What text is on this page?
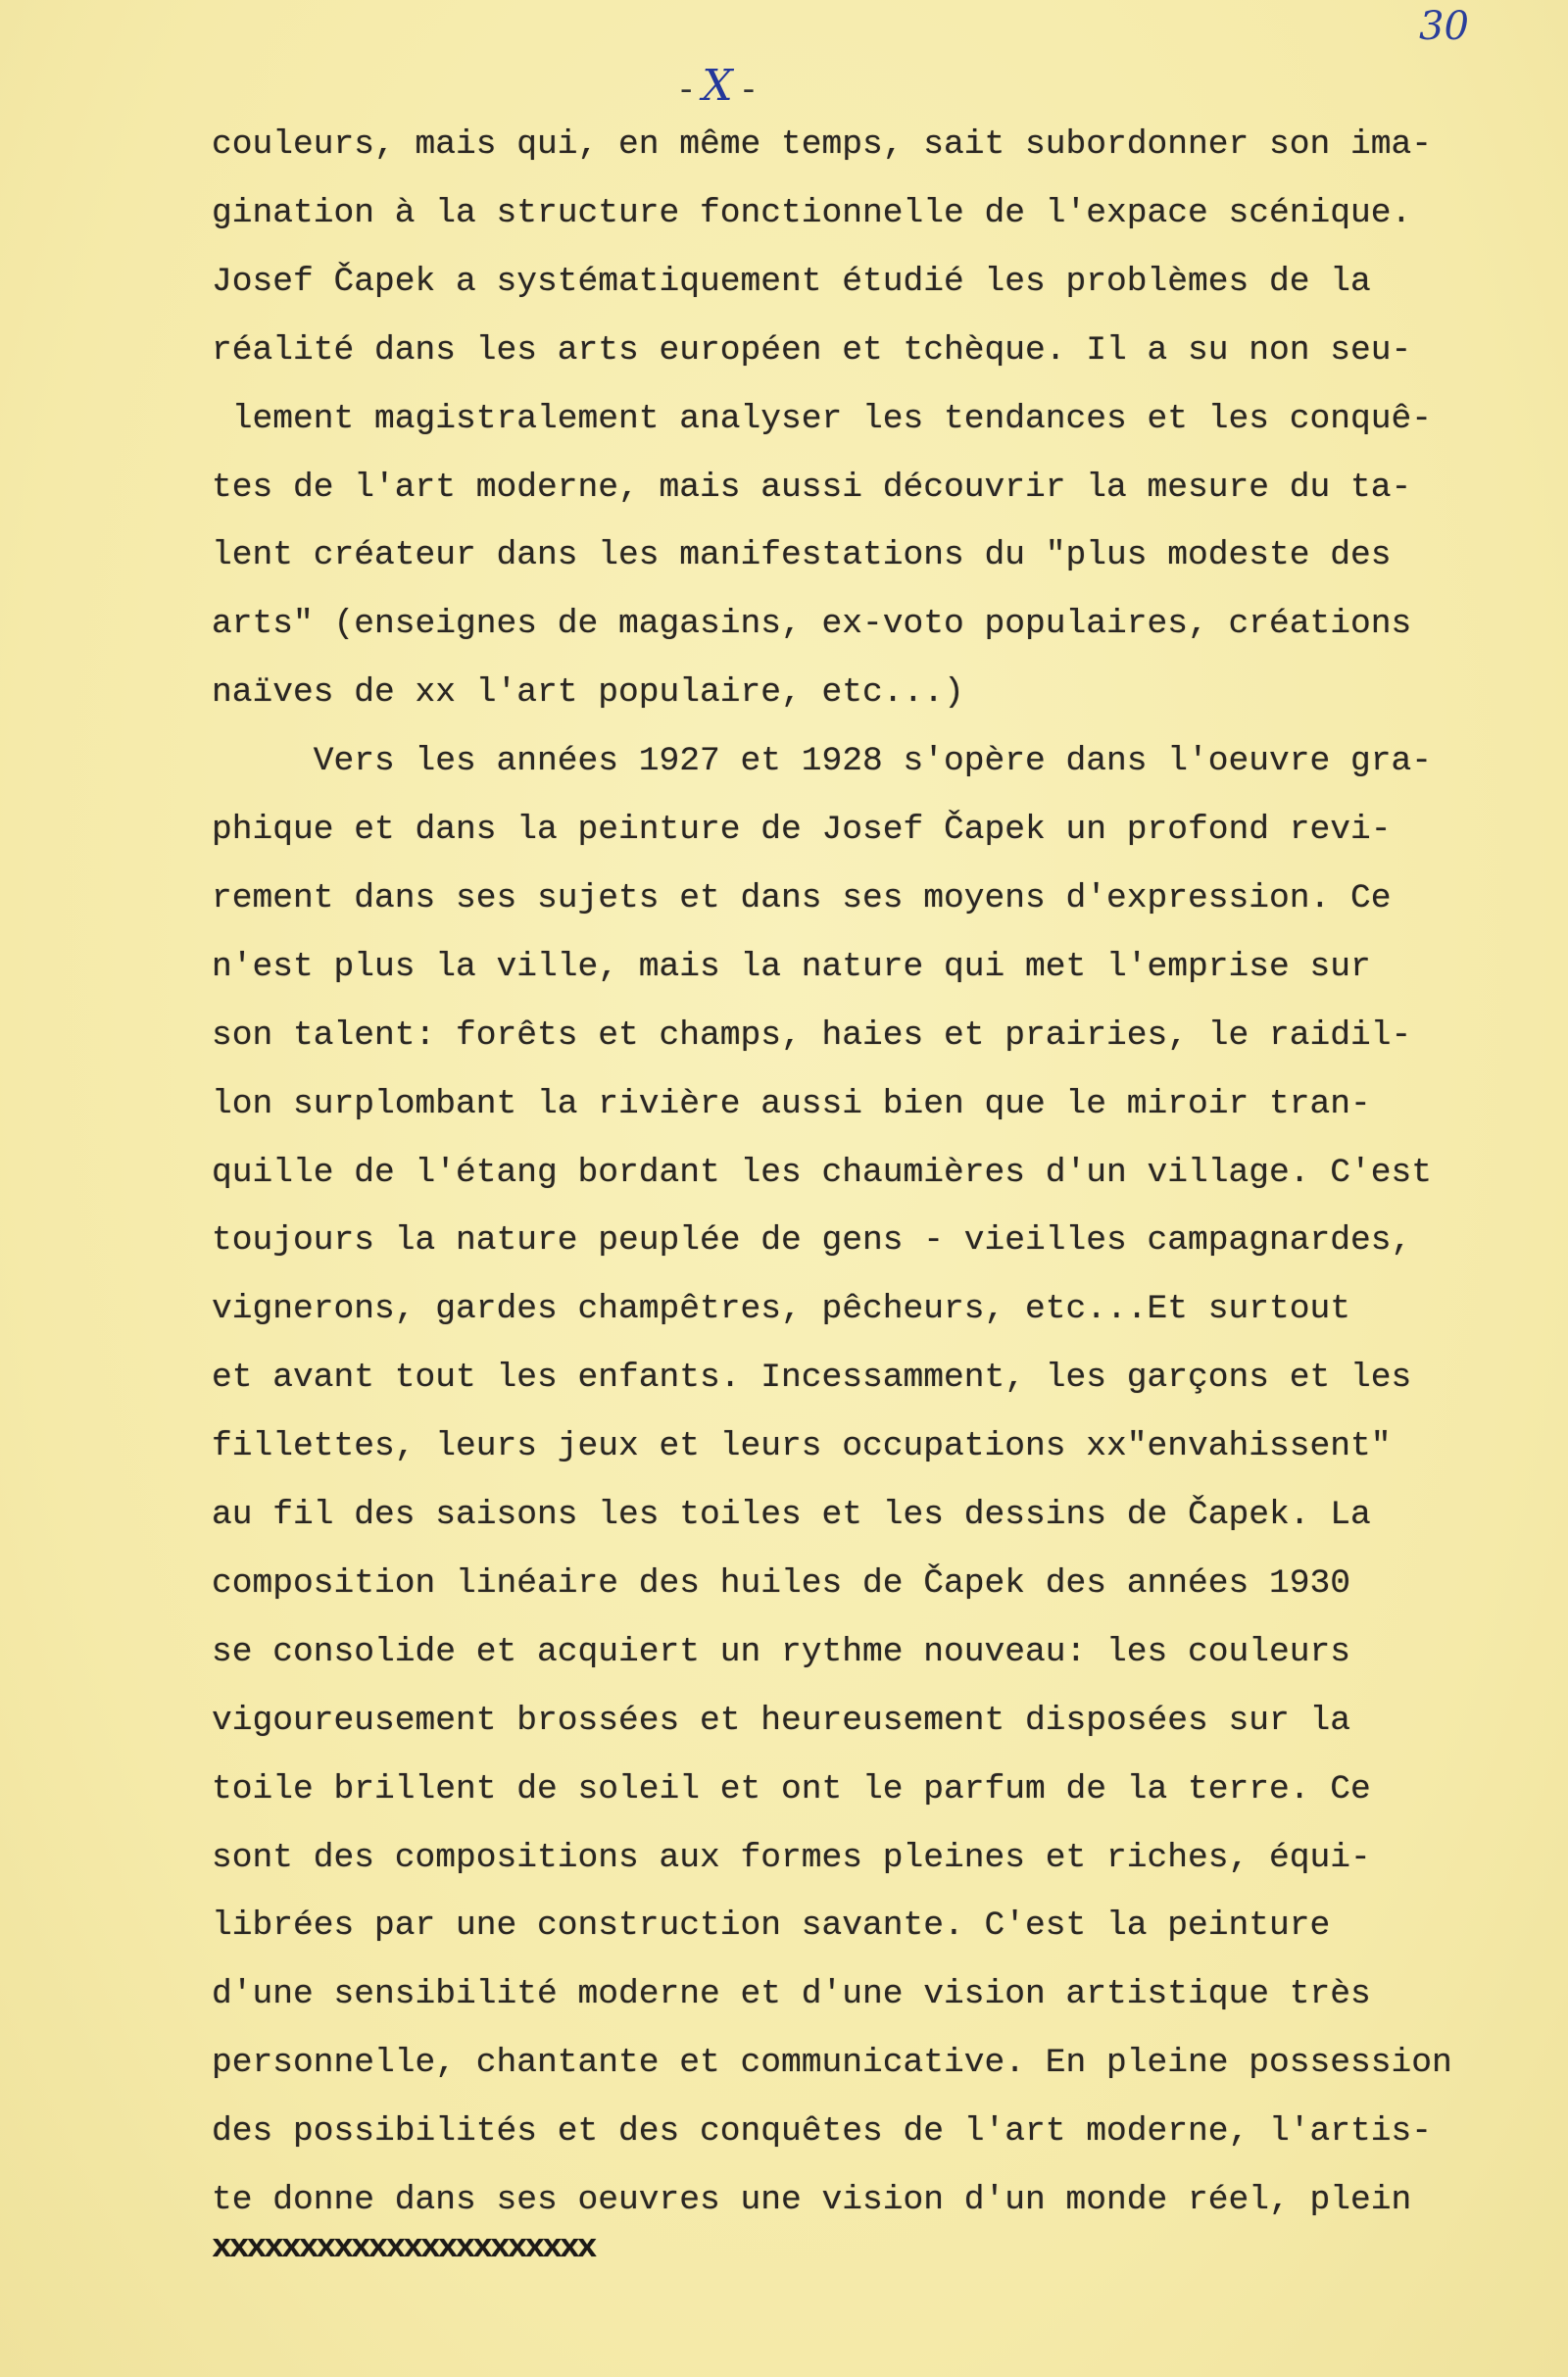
30
-X-
couleurs, mais qui, en même temps, sait subordonner son ima-
gination à la structure fonctionnelle de l'expace scénique.
Josef Čapek a systématiquement étudié les problèmes de la
réalité dans les arts européen et tchèque. Il a su non seu-
lement magistralement analyser les tendances et les conquê-
tes de l'art moderne, mais aussi découvrir la mesure du ta-
lent créateur dans les manifestations du "plus modeste des
arts" (enseignes de magasins, ex-voto populaires, créations
naïves de xx l'art populaire, etc...)
Vers les années 1927 et 1928 s'opère dans l'oeuvre gra-
phique et dans la peinture de Josef Čapek un profond revi-
rement dans ses sujets et dans ses moyens d'expression. Ce
n'est plus la ville, mais la nature qui met l'emprise sur
son talent: forêts et champs, haies et prairies, le raidil-
lon surplombant la rivière aussi bien que le miroir tran-
quille de l'étang bordant les chaumières d'un village. C'est
toujours la nature peuplée de gens - vieilles campagnardes,
vignerons, gardes champêtres, pêcheurs, etc...Et surtout
et avant tout les enfants. Incessamment, les garçons et les
fillettes, leurs jeux et leurs occupations xx"envahissent"
au fil des saisons les toiles et les dessins de Čapek. La
composition linéaire des huiles de Čapek des années 1930
se consolide et acquiert un rythme nouveau: les couleurs
vigoureusement brossées et heureusement disposées sur la
toile brillent de soleil et ont le parfum de la terre. Ce
sont des compositions aux formes pleines et riches, équi-
librées par une construction savante. C'est la peinture
d'une sensibilité moderne et d'une vision artistique très
personnelle, chantante et communicative. En pleine possession
des possibilités et des conquêtes de l'art moderne, l'artis-
te donne dans ses oeuvres une vision d'un monde réel, plein
xxxxxxxxxxxxxxxxxxxxxx
